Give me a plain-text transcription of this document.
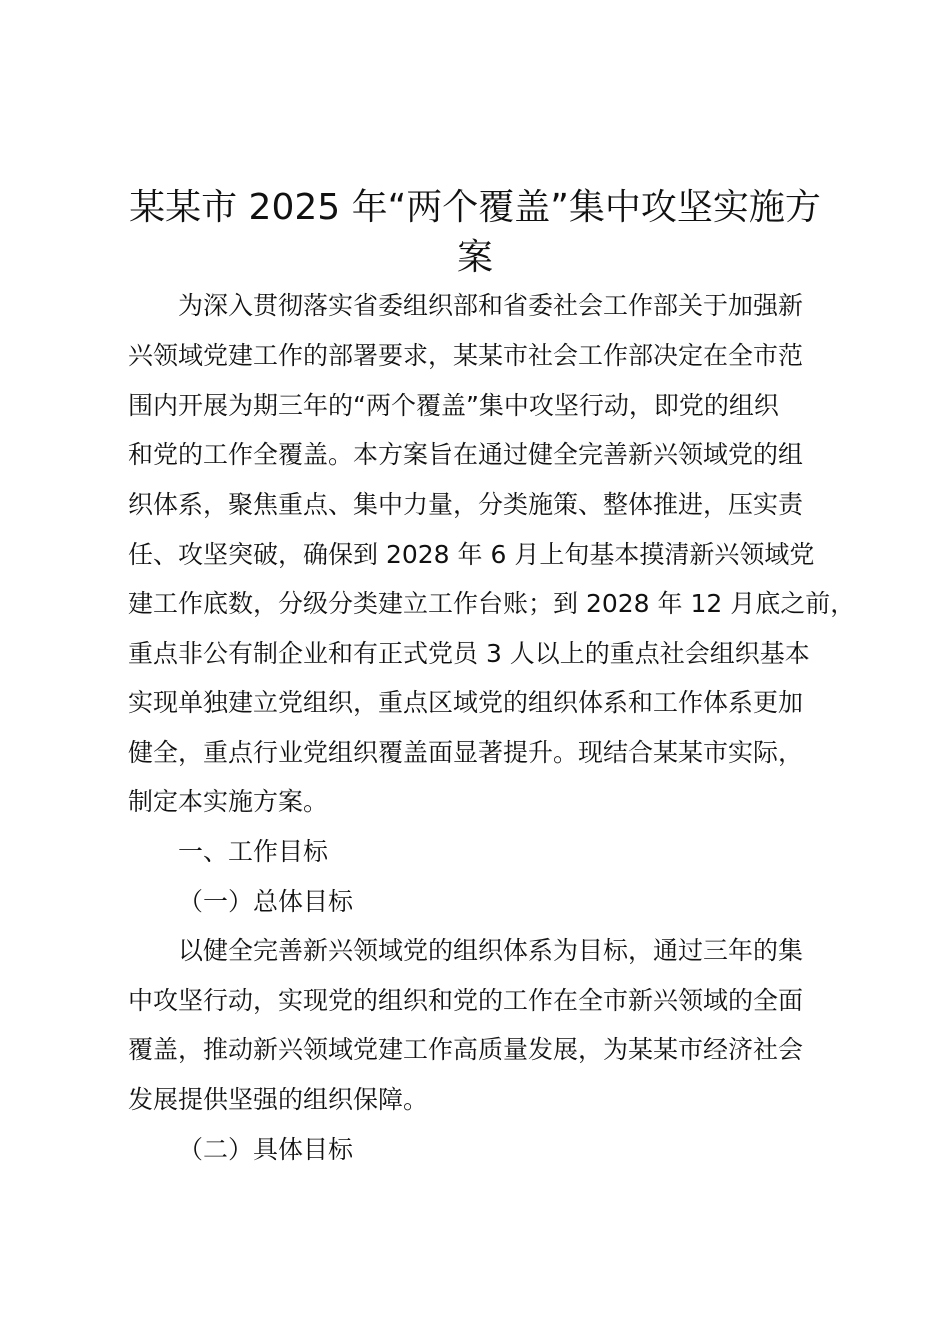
某某市 2025 年“两个覆盖”集中攻坚实施方
案
为深入贯彻落实省委组织部和省委社会工作部关于加强新
兴领域党建工作的部署要求，某某市社会工作部决定在全市范
围内开展为期三年的“两个覆盖”集中攻坚行动，即党的组织
和党的工作全覆盖。本方案旨在通过健全完善新兴领域党的组
织体系，聚焦重点、集中力量，分类施策、整体推进，压实责
任、攻坚突破，确保到 2028 年 6 月上旬基本摸清新兴领域党
建工作底数，分级分类建立工作台账；到 2028 年 12 月底之前，
重点非公有制企业和有正式党员 3 人以上的重点社会组织基本
实现单独建立党组织，重点区域党的组织体系和工作体系更加
健全，重点行业党组织覆盖面显著提升。现结合某某市实际，
制定本实施方案。
一、工作目标
（一）总体目标
以健全完善新兴领域党的组织体系为目标，通过三年的集
中攻坚行动，实现党的组织和党的工作在全市新兴领域的全面
覆盖，推动新兴领域党建工作高质量发展，为某某市经济社会
发展提供坚强的组织保障。
（二）具体目标
